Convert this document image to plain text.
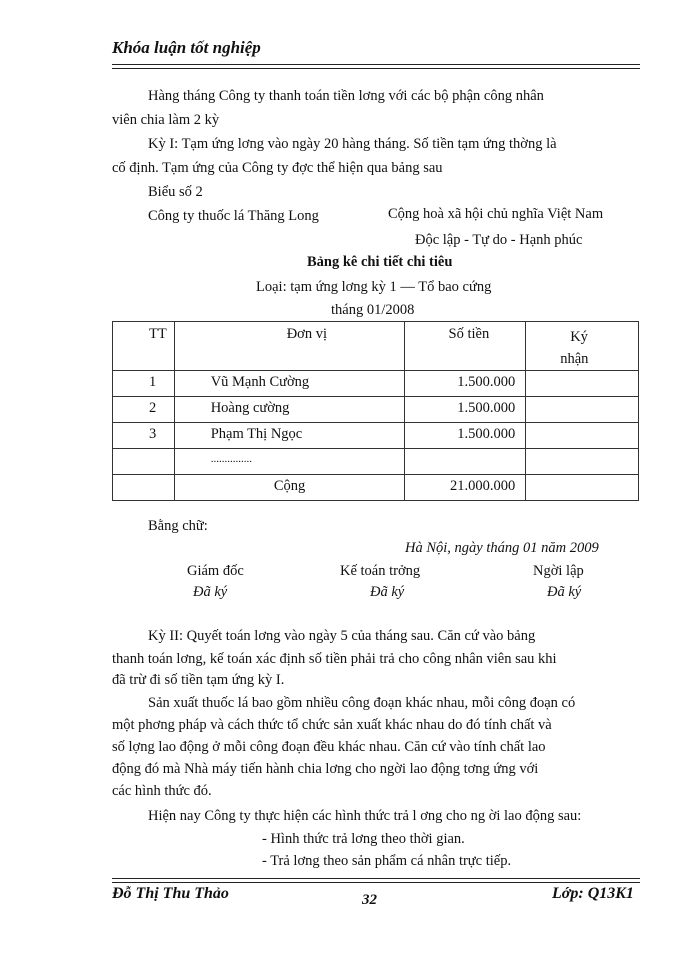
Khóa luận tốt nghiệp
Hàng tháng Công ty thanh toán tiền lơng với các bộ phận công nhân
viên chia làm 2 kỳ
Kỳ I: Tạm ứng lơng vào ngày 20 hàng tháng. Số tiền tạm ứng thờng là
cố định. Tạm ứng của Công ty đợc thể hiện qua bảng sau
Biểu số 2
Công ty thuốc lá Thăng Long	Cộng hoà xã hội chủ nghĩa Việt Nam
Độc lập - Tự do - Hạnh phúc
Bảng kê chi tiết chi tiêu
Loại: tạm ứng lơng kỳ 1 — Tổ bao cứng
tháng 01/2008
TT	Đơn vị	Số tiền	Ký
nhận

1	Vũ Mạnh Cường	1.500.000	
2	Hoàng cường	1.500.000	
3	Phạm Thị Ngọc	1.500.000	
	...............		
	Cộng	21.000.000	
Bằng chữ:
Hà Nội, ngày tháng 01 năm 2009
Giám đốc	Kế toán trởng	Ngời lập
Đã ký	Đã ký	Đã ký
Kỳ II: Quyết toán lơng vào ngày 5 của tháng sau. Căn cứ vào bảng
thanh toán lơng, kế toán xác định số tiền phải trả cho công nhân viên sau khi
đã trừ đi số tiền tạm ứng kỳ I.
Sản xuất thuốc lá bao gồm nhiều công đoạn khác nhau, mỗi công đoạn có
một phơng pháp và cách thức tổ chức sản xuất khác nhau do đó tính chất và
số lợng lao động ở mỗi công đoạn đều khác nhau. Căn cứ vào tính chất lao
động đó mà Nhà máy tiến hành chia lơng cho ngời lao động tơng ứng với
các hình thức đó.
Hiện nay Công ty thực hiện các hình thức trả l ơng cho ng ời lao động sau:
- Hình thức trả lơng theo thời gian.
- Trả lơng theo sản phẩm cá nhân trực tiếp.
Đỗ Thị Thu Thảo	32	Lớp: Q13K1
